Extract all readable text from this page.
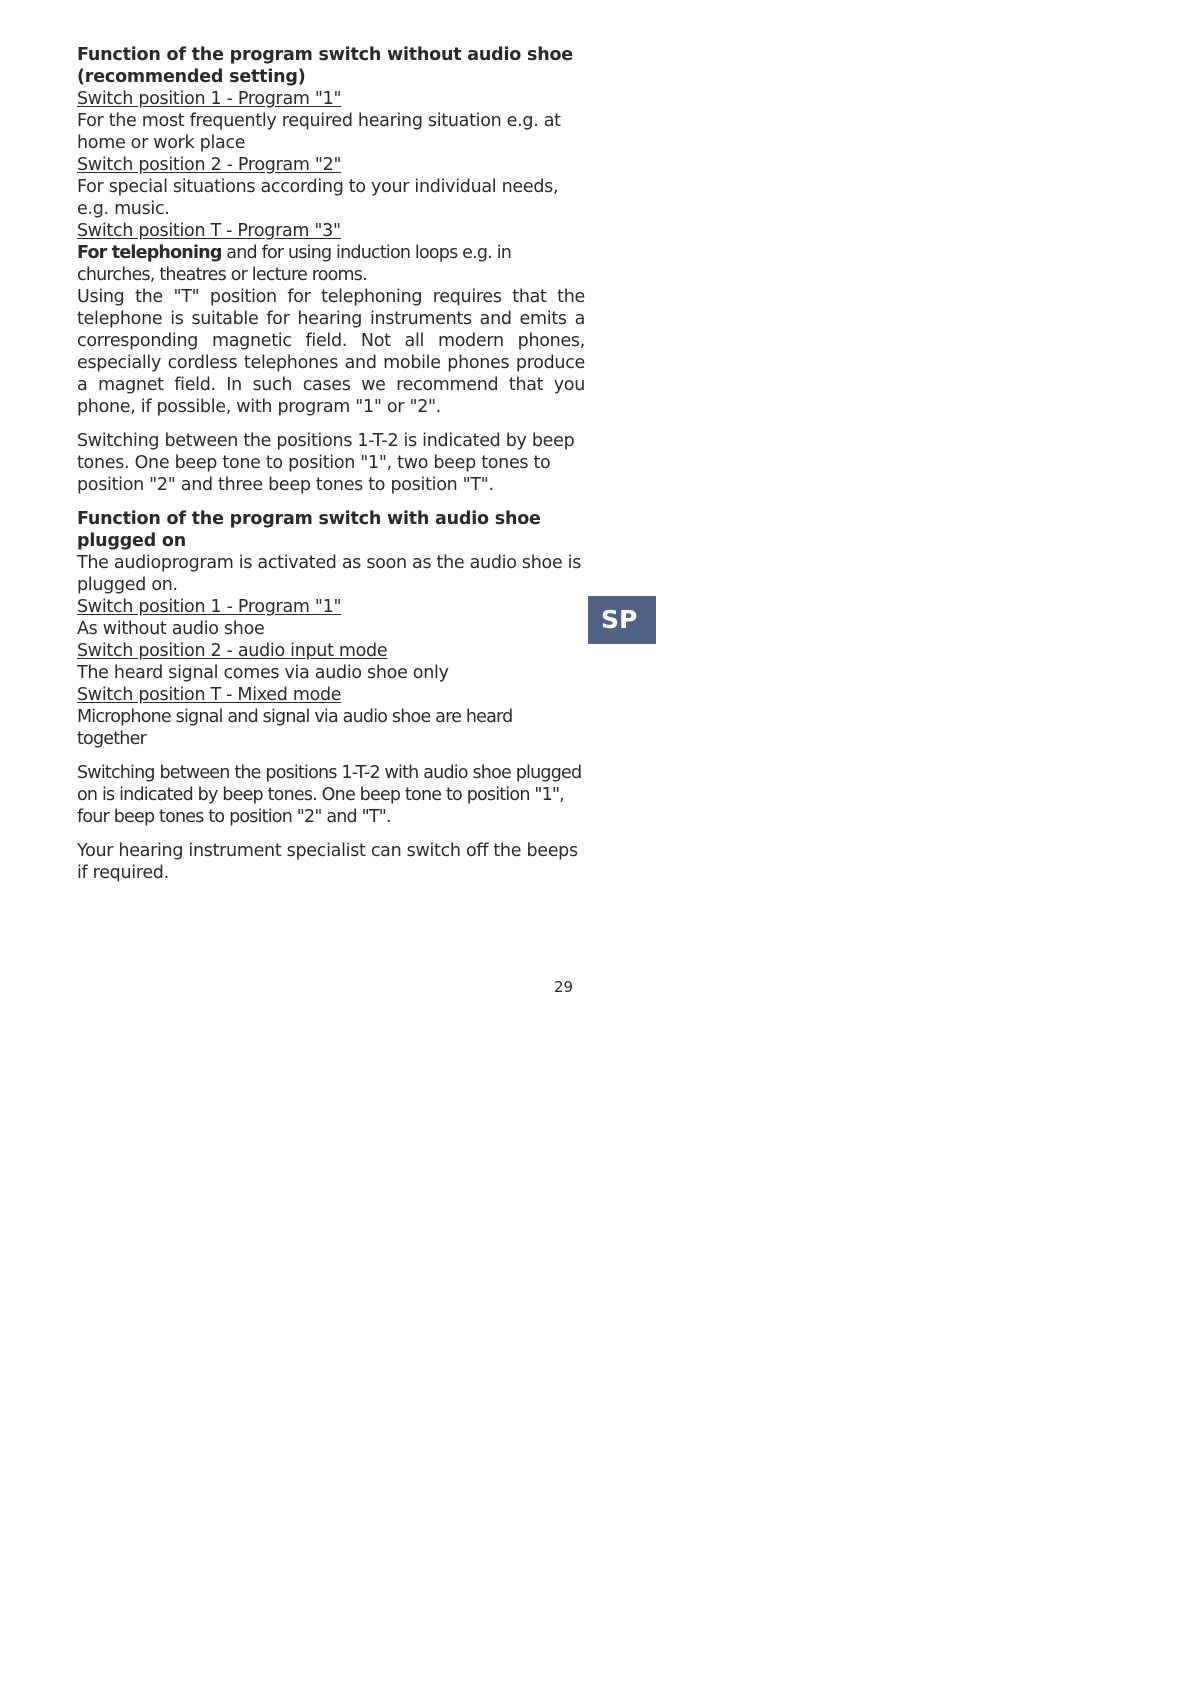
Function of the program switch without audio shoe (recommended setting)

Switch position 1 - Program "1"

For the most frequently required hearing situation e.g. at home or work place

Switch position 2 - Program "2"

For special situations according to your individual needs, e.g. music.

Switch position T - Program "3"

For telephoning and for using induction loops e.g. in churches, theatres or lecture rooms.

Using the "T" position for telephoning requires that the telephone is suitable for hearing instruments and emits a corresponding magnetic field. Not all modern phones, especially cordless telephones and mobile phones produce a magnet field. In such cases we recommend that you phone, if possible, with program "1" or "2".

Switching between the positions 1-T-2 is indicated by beep tones. One beep tone to position "1", two beep tones to position "2" and three beep tones to position "T".

Function of the program switch with audio shoe plugged on

The audioprogram is activated as soon as the audio shoe is plugged on.

Switch position 1 - Program "1"

As without audio shoe

Switch position 2 - audio input mode

The heard signal comes via audio shoe only

Switch position T - Mixed mode

Microphone signal and signal via audio shoe are heard together

Switching between the positions 1-T-2 with audio shoe plugged on is indicated by beep tones. One beep tone to position "1", four beep tones to position "2" and "T".

Your hearing instrument specialist can switch off the beeps if required.

SP
29
